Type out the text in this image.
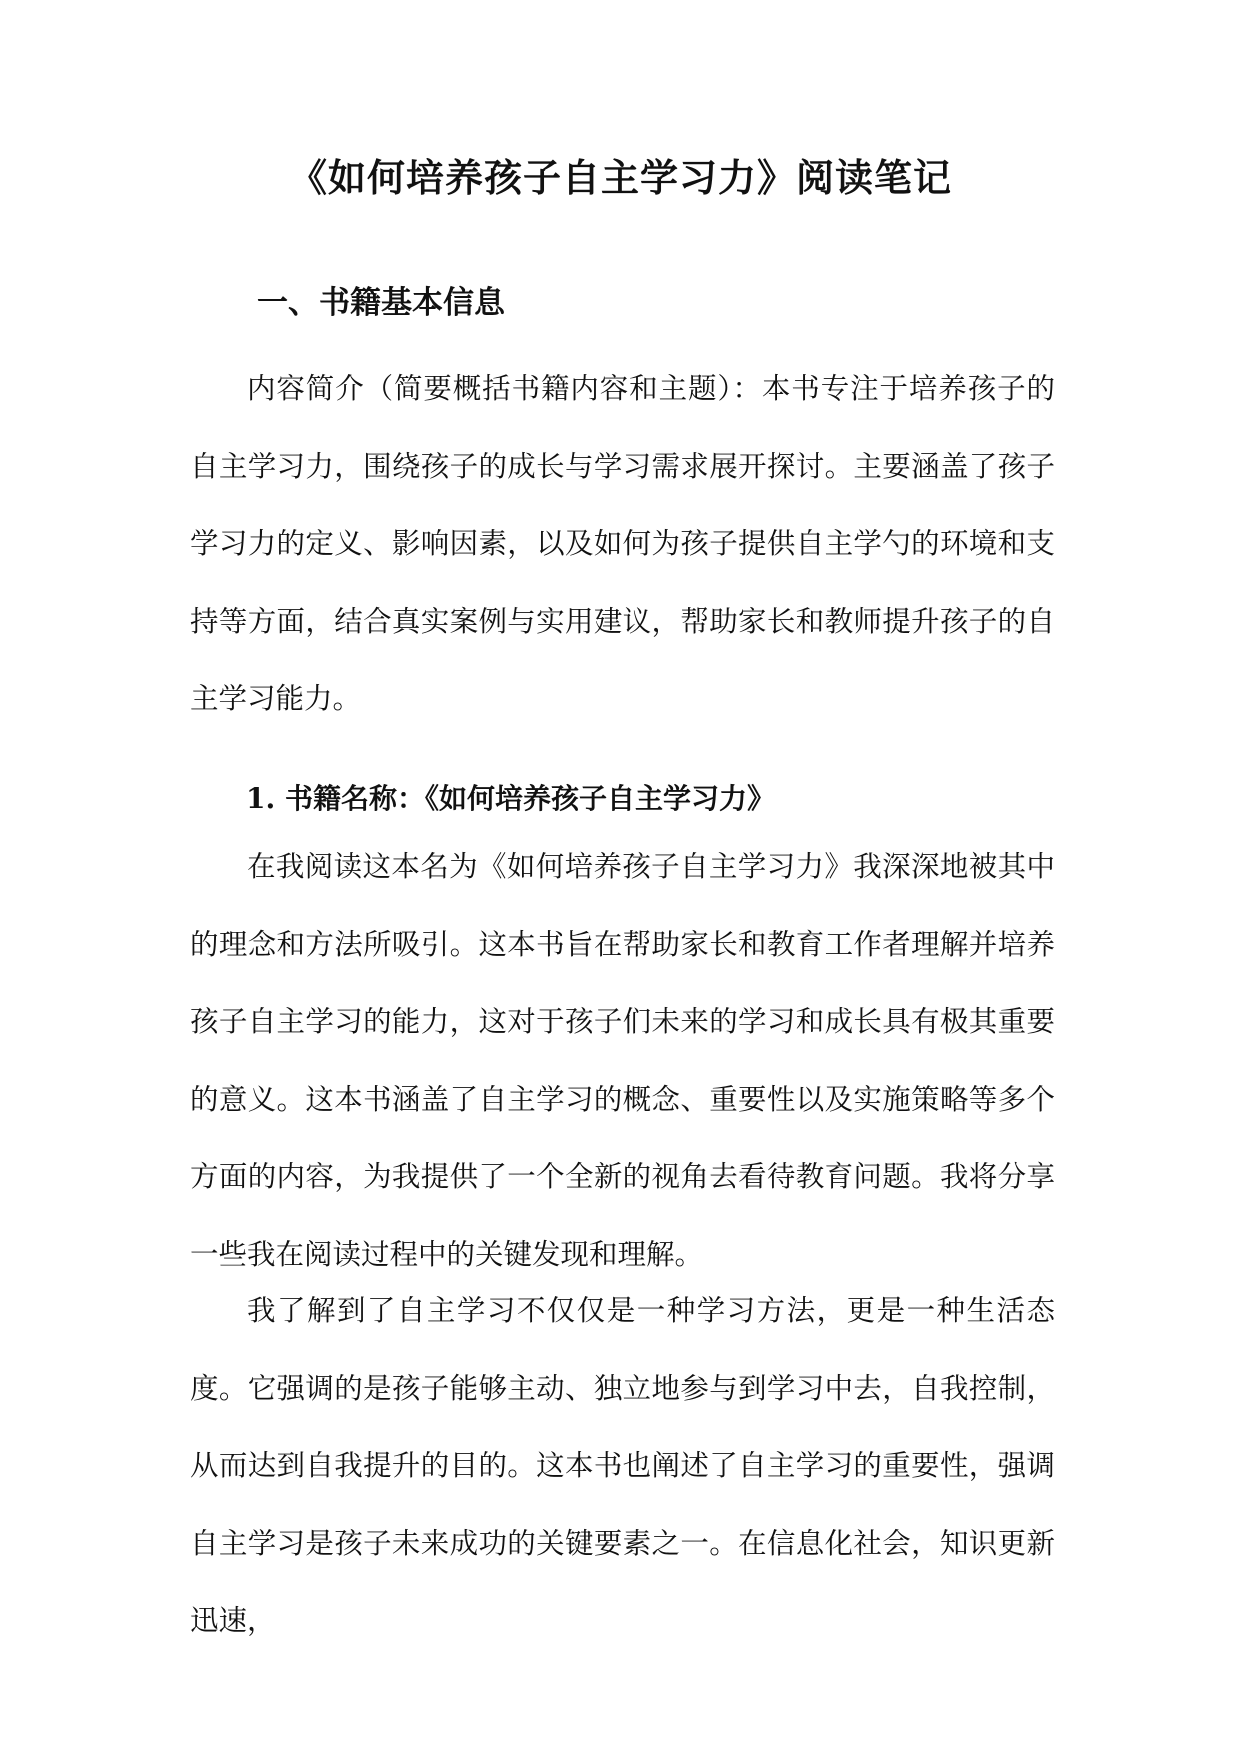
《如何培养孩子自主学习力》阅读笔记
一、书籍基本信息

内容简介（简要概括书籍内容和主题）：本书专注于培养孩子的自主学习力，围绕孩子的成长与学习需求展开探讨。主要涵盖了孩子学习力的定义、影响因素，以及如何为孩子提供自主学勺的环境和支持等方面，结合真实案例与实用建议，帮助家长和教师提升孩子的自主学习能力。

1. 书籍名称：《如何培养孩子自主学习力》

在我阅读这本名为《如何培养孩子自主学习力》我深深地被其中的理念和方法所吸引。这本书旨在帮助家长和教育工作者理解并培养孩子自主学习的能力，这对于孩子们未来的学习和成长具有极其重要的意义。这本书涵盖了自主学习的概念、重要性以及实施策略等多个方面的内容，为我提供了一个全新的视角去看待教育问题。我将分享一些我在阅读过程中的关键发现和理解。

我了解到了自主学习不仅仅是一种学习方法，更是一种生活态度。它强调的是孩子能够主动、独立地参与到学习中去，自我控制，从而达到自我提升的目的。这本书也阐述了自主学习的重要性，强调自主学习是孩子未来成功的关键要素之一。在信息化社会，知识更新迅速，
